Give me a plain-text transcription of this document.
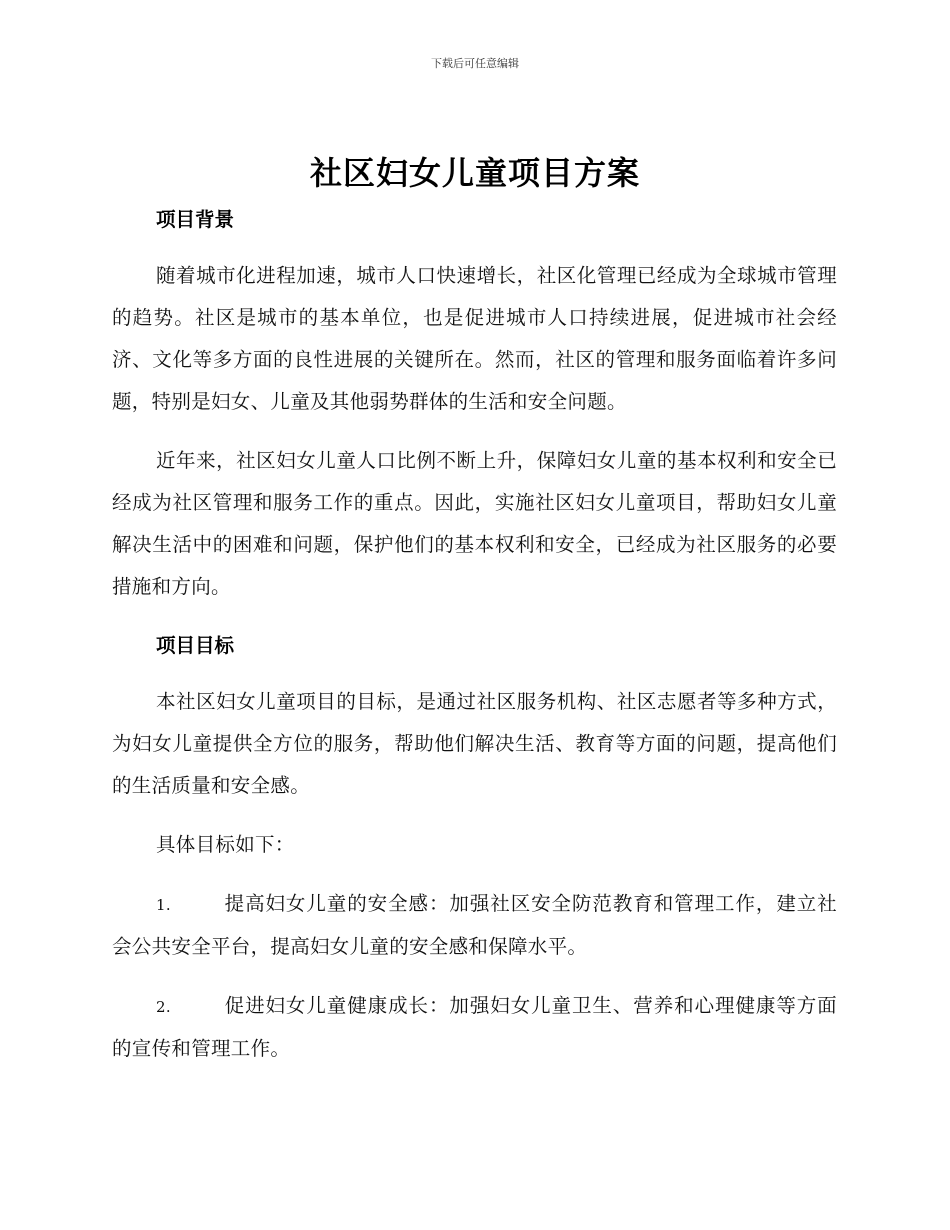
下载后可任意编辑
社区妇女儿童项目方案
项目背景

随着城市化进程加速，城市人口快速增长，社区化管理已经成为全球城市管理的趋势。社区是城市的基本单位，也是促进城市人口持续进展，促进城市社会经济、文化等多方面的良性进展的关键所在。然而，社区的管理和服务面临着许多问题，特别是妇女、儿童及其他弱势群体的生活和安全问题。

近年来，社区妇女儿童人口比例不断上升，保障妇女儿童的基本权利和安全已经成为社区管理和服务工作的重点。因此，实施社区妇女儿童项目，帮助妇女儿童解决生活中的困难和问题，保护他们的基本权利和安全，已经成为社区服务的必要措施和方向。

项目目标

本社区妇女儿童项目的目标，是通过社区服务机构、社区志愿者等多种方式，为妇女儿童提供全方位的服务，帮助他们解决生活、教育等方面的问题，提高他们的生活质量和安全感。

具体目标如下：

1.	提高妇女儿童的安全感：加强社区安全防范教育和管理工作，建立社会公共安全平台，提高妇女儿童的安全感和保障水平。

2.	促进妇女儿童健康成长：加强妇女儿童卫生、营养和心理健康等方面的宣传和管理工作。
